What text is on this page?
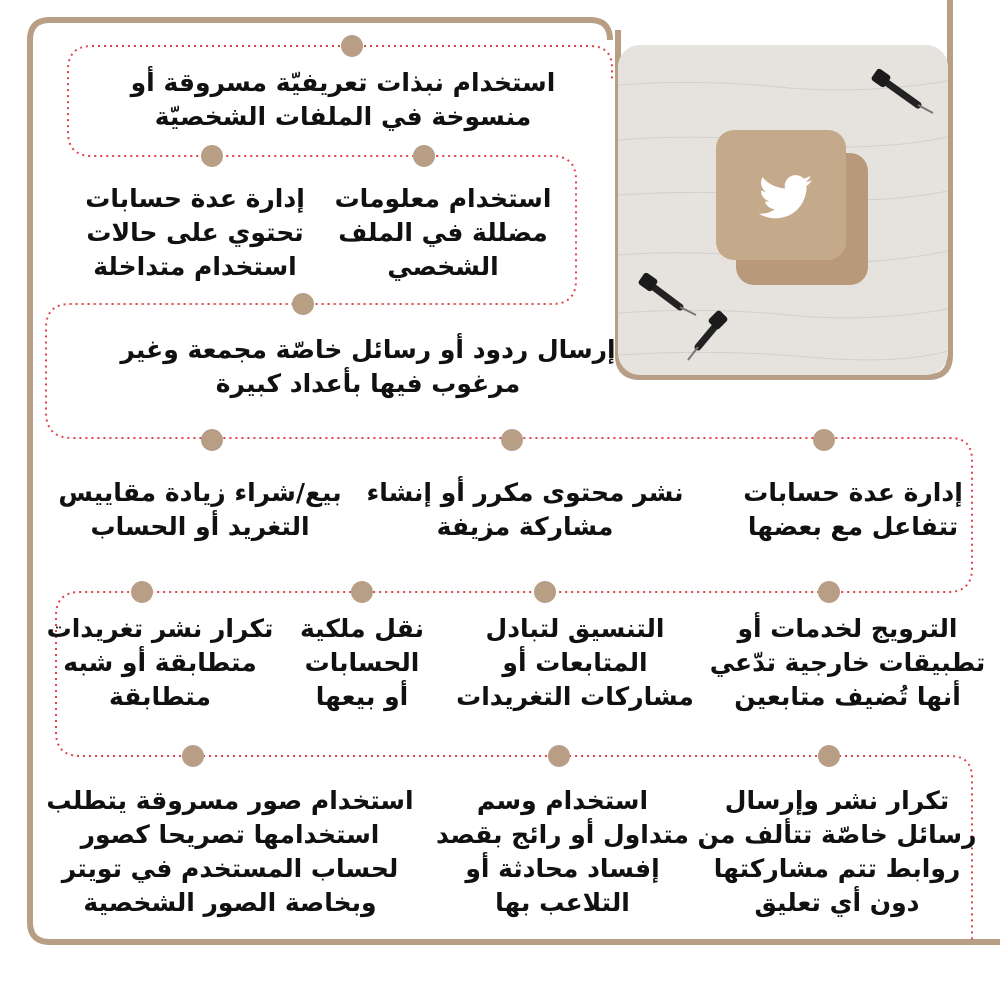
استخدام نبذات تعريفيّة مسروقة أو
منسوخة في الملفات الشخصيّة
استخدام معلومات
مضللة في الملف
الشخصي
إدارة عدة حسابات
تحتوي على حالات
استخدام متداخلة
إرسال ردود أو رسائل خاصّة مجمعة وغير
مرغوب فيها بأعداد كبيرة
إدارة عدة حسابات
تتفاعل مع بعضها
نشر محتوى مكرر أو إنشاء
مشاركة مزيفة
بيع/شراء زيادة مقاييس
التغريد أو الحساب
الترويج لخدمات أو
تطبيقات خارجية تدّعي
أنها تُضيف متابعين
التنسيق لتبادل
المتابعات أو
مشاركات التغريدات
نقل ملكية
الحسابات
أو بيعها
تكرار نشر تغريدات
متطابقة أو شبه
متطابقة
تكرار نشر وإرسال
رسائل خاصّة تتألف من
روابط تتم مشاركتها
دون أي تعليق
استخدام وسم
متداول أو رائج بقصد
إفساد محادثة أو
التلاعب بها
استخدام صور مسروقة يتطلب
استخدامها تصريحا كصور
لحساب المستخدم في تويتر
وبخاصة الصور الشخصية
